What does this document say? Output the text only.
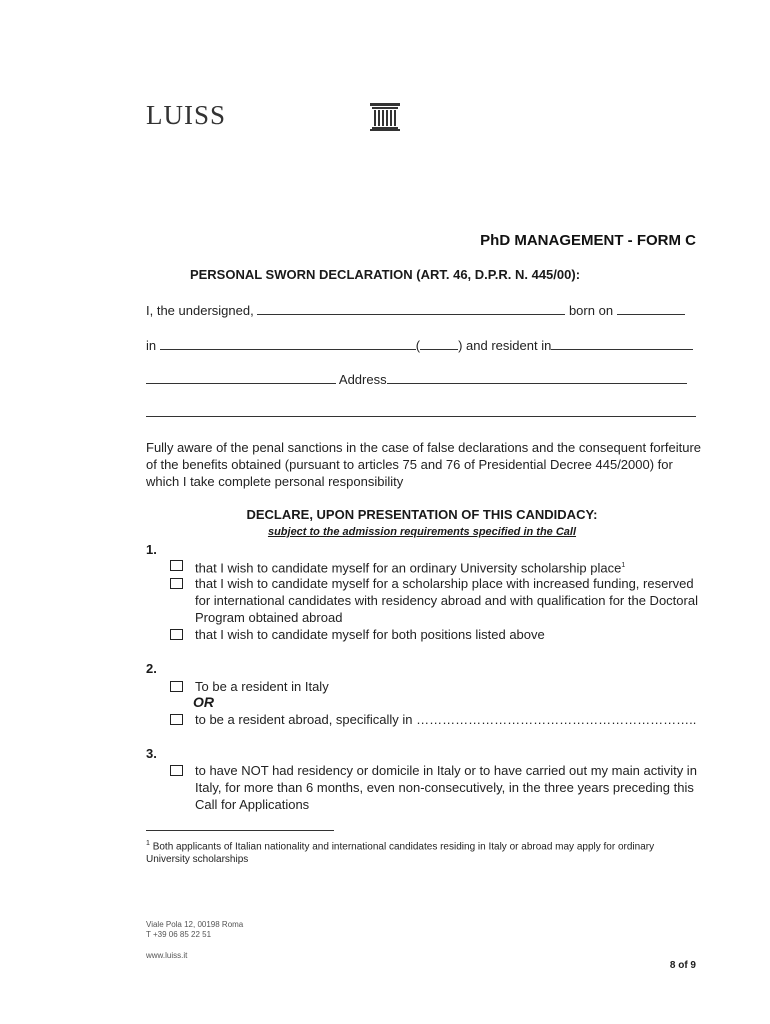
LUISS
PhD MANAGEMENT - FORM C
PERSONAL SWORN DECLARATION (ART. 46, D.P.R. N. 445/00):
I, the undersigned,	born on
in	(	) and resident in
Address
Fully aware of the penal sanctions in the case of false declarations and the consequent forfeiture of the benefits obtained (pursuant to articles 75 and 76 of Presidential Decree 445/2000) for which I take complete personal responsibility
DECLARE, UPON PRESENTATION OF THIS CANDIDACY:
subject to the admission requirements specified in the Call
1.
that I wish to candidate myself for an ordinary University scholarship place$^1$
that I wish to candidate myself for a scholarship place with increased funding, reserved for international candidates with residency abroad and with qualification for the Doctoral Program obtained abroad
that I wish to candidate myself for both positions listed above
2.
To be a resident in Italy
OR
to be a resident abroad, specifically in ………………………………………………………..
3.
to have NOT had residency or domicile in Italy or to have carried out my main activity in Italy, for more than 6 months, even non-consecutively, in the three years preceding this Call for Applications
$^1$ Both applicants of Italian nationality and international candidates residing in Italy or abroad may apply for ordinary University scholarships
Viale Pola 12, 00198 Roma
T +39 06 85 22 51
www.luiss.it
8 of 9
